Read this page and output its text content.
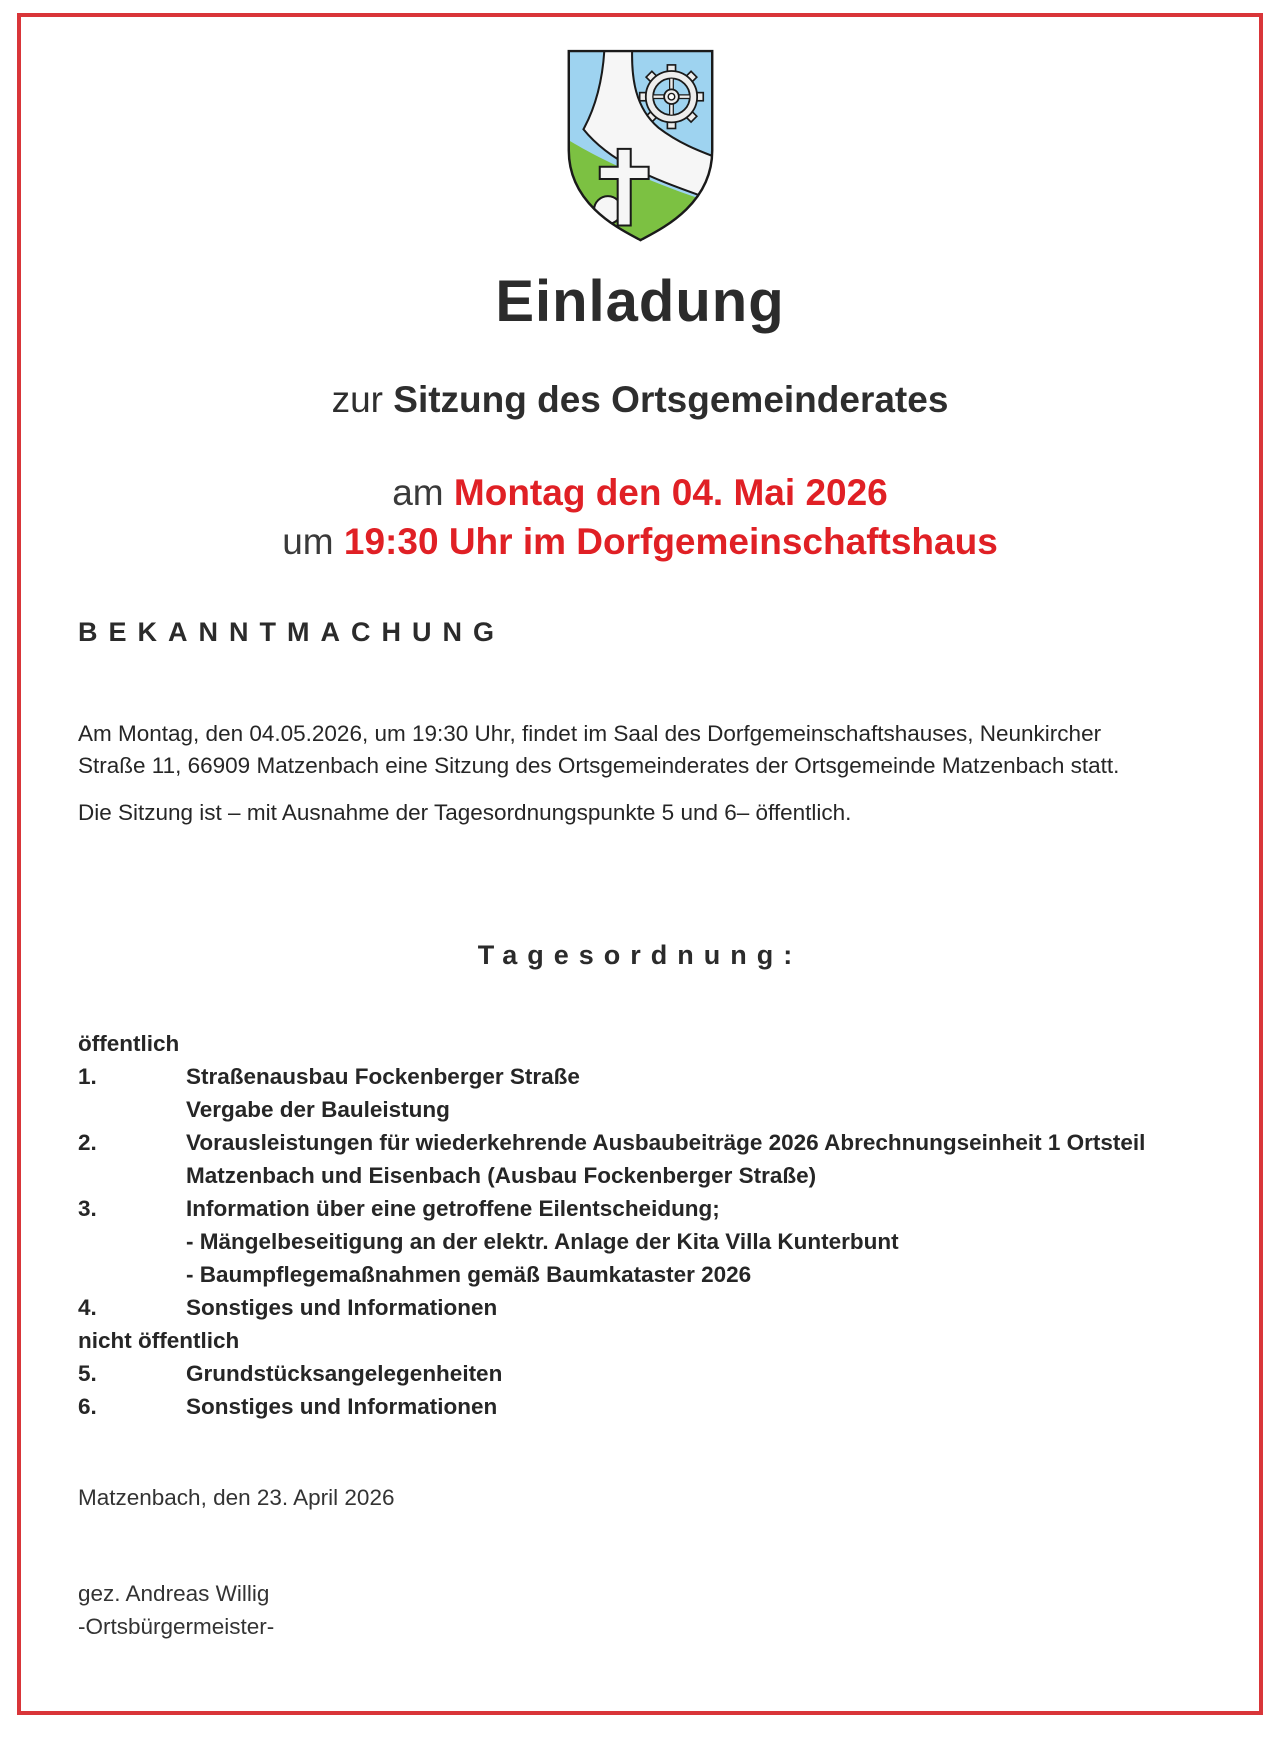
Einladung

zur Sitzung des Ortsgemeinderates

am Montag den 04. Mai 2026
um 19:30 Uhr im Dorfgemeinschaftshaus
BEKANNTMACHUNG

Am Montag, den 04.05.2026, um 19:30 Uhr, findet im Saal des Dorfgemeinschaftshauses, Neunkircher Straße 11, 66909 Matzenbach eine Sitzung des Ortsgemeinderates der Ortsgemeinde Matzenbach statt.

Die Sitzung ist – mit Ausnahme der Tagesordnungspunkte 5 und 6– öffentlich.

Tagesordnung:
öffentlich
1.	Straßenausbau Fockenberger Straße
Vergabe der Bauleistung
2.	Vorausleistungen für wiederkehrende Ausbaubeiträge 2026 Abrechnungseinheit 1 Ortsteil
Matzenbach und Eisenbach (Ausbau Fockenberger Straße)
3.	Information über eine getroffene Eilentscheidung;
- Mängelbeseitigung an der elektr. Anlage der Kita Villa Kunterbunt
- Baumpflegemaßnahmen gemäß Baumkataster 2026
4.	Sonstiges und Informationen
nicht öffentlich
5.	Grundstücksangelegenheiten
6.	Sonstiges und Informationen

Matzenbach, den 23. April 2026

gez. Andreas Willig
-Ortsbürgermeister-
